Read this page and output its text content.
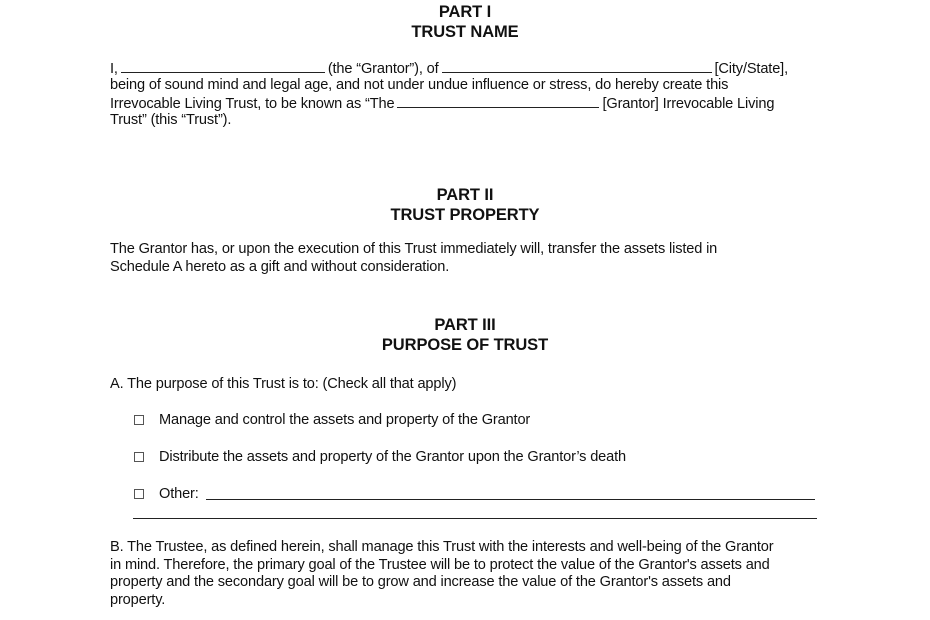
PART I
TRUST NAME
I,	(the “Grantor”), of	[City/State],
being of sound mind and legal age, and not under undue influence or stress, do hereby create this
Irrevocable Living Trust, to be known as “The	[Grantor] Irrevocable Living
Trust” (this “Trust”).
PART II
TRUST PROPERTY
The Grantor has, or upon the execution of this Trust immediately will, transfer the assets listed in
Schedule A hereto as a gift and without consideration.
PART III
PURPOSE OF TRUST
A. The purpose of this Trust is to: (Check all that apply)
Manage and control the assets and property of the Grantor
Distribute the assets and property of the Grantor upon the Grantor’s death
Other:
B. The Trustee, as defined herein, shall manage this Trust with the interests and well-being of the Grantor
in mind. Therefore, the primary goal of the Trustee will be to protect the value of the Grantor's assets and
property and the secondary goal will be to grow and increase the value of the Grantor's assets and
property.
